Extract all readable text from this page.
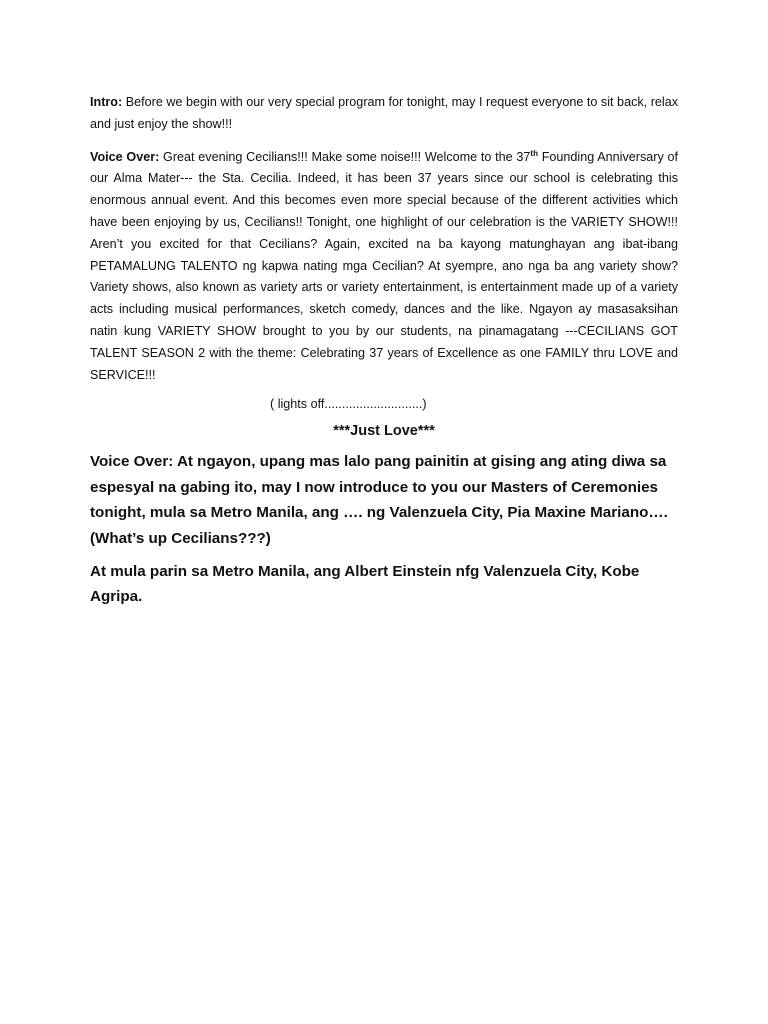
Intro: Before we begin with our very special program for tonight, may I request everyone to sit back, relax and just enjoy the show!!!

Voice Over: Great evening Cecilians!!! Make some noise!!! Welcome to the 37th Founding Anniversary of our Alma Mater--- the Sta. Cecilia. Indeed, it has been 37 years since our school is celebrating this enormous annual event. And this becomes even more special because of the different activities which have been enjoying by us, Cecilians!! Tonight, one highlight of our celebration is the VARIETY SHOW!!! Aren’t you excited for that Cecilians? Again, excited na ba kayong matunghayan ang ibat-ibang PETAMALUNG TALENTO ng kapwa nating mga Cecilian? At syempre, ano nga ba ang variety show? Variety shows, also known as variety arts or variety entertainment, is entertainment made up of a variety acts including musical performances, sketch comedy, dances and the like. Ngayon ay masasaksihan natin kung VARIETY SHOW brought to you by our students, na pinamagatang ---CECILIANS GOT TALENT SEASON 2 with the theme: Celebrating 37 years of Excellence as one FAMILY thru LOVE and SERVICE!!!

( lights off............................)
***Just Love***

Voice Over: At ngayon, upang mas lalo pang painitin at gising ang ating diwa sa espesyal na gabing ito, may I now introduce to you our Masters of Ceremonies tonight, mula sa Metro Manila, ang …. ng Valenzuela City, Pia Maxine Mariano…. (What’s up Cecilians???)

At mula parin sa Metro Manila, ang Albert Einstein nfg Valenzuela City, Kobe Agripa.
